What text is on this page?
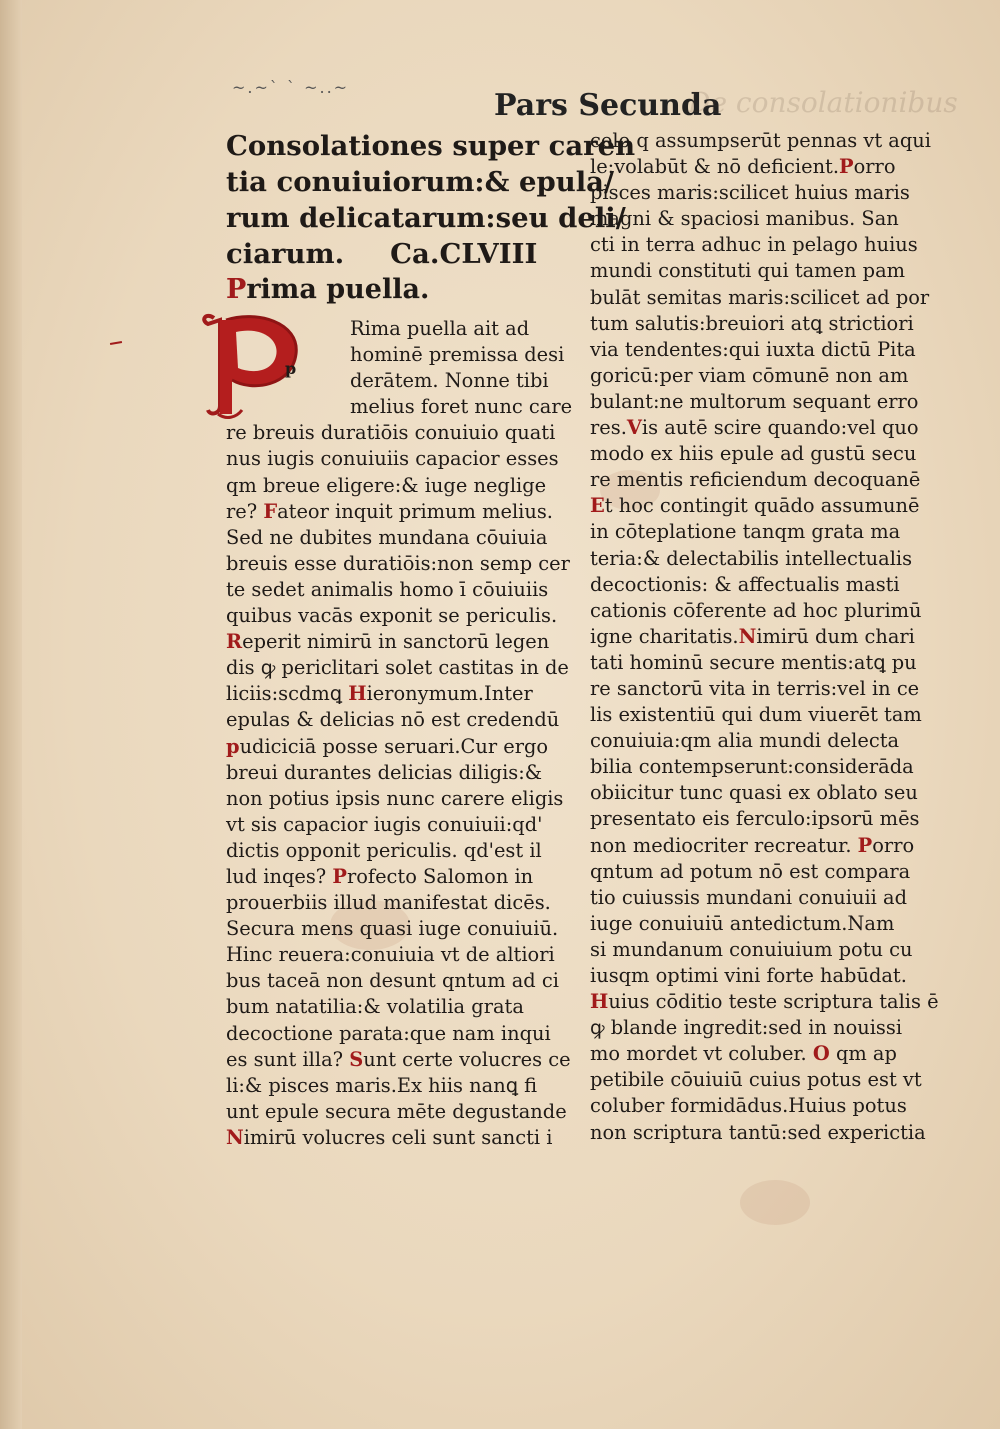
~.~` ` ~..~
Pars Secunda
De consolationibus
Consolationes super caren
tia conuiuiorum:& epula/
rum delicatarum:seu deli/
ciarum. Ca.CLVIII
Prima puella.
Rima puella ait ad
hominē premissa desi
derātem. Nonne tibi
melius foret nunc care
re breuis duratiōis conuiuio quati
nus iugis conuiuiis capacior esses
qm breue eligere:& iuge neglige
re? Fateor inquit primum melius.
Sed ne dubites mundana cōuiuia
breuis esse duratiōis:non semp cer
te sedet animalis homo ī cōuiuiis
quibus vacās exponit se periculis.
Reperit nimirū in sanctorū legen
dis ꝙ periclitari solet castitas in de
liciis:scdmꝗ Hieronymum.Inter
epulas & delicias nō est credendū
pudiciciā posse seruari.Cur ergo
breui durantes delicias diligis:&
non potius ipsis nunc carere eligis
vt sis capacior iugis conuiuii:qd'
dictis opponit periculis. qd'est il
lud inqes? Profecto Salomon in
prouerbiis illud manifestat dicēs.
Secura mens quasi iuge conuiuiū.
Hinc reuera:conuiuia vt de altiori
bus taceā non desunt qntum ad ci
bum natatilia:& volatilia grata
decoctione parata:que nam inqui
es sunt illa? Sunt certe volucres ce
li:& pisces maris.Ex hiis nanꝗ fi
unt epule secura mēte degustande
Nimirū volucres celi sunt sancti i
p
celo q assumpserūt pennas vt aqui
le:volabūt & nō deficient.Porro
pisces maris:scilicet huius maris
magni & spaciosi manibus. San
cti in terra adhuc in pelago huius
mundi constituti qui tamen pam
bulāt semitas maris:scilicet ad por
tum salutis:breuiori atꝗ strictiori
via tendentes:qui iuxta dictū Pita
goricū:per viam cōmunē non am
bulant:ne multorum sequant erro
res.Vis autē scire quando:vel quo
modo ex hiis epule ad gustū secu
re mentis reficiendum decoquanē
Et hoc contingit quādo assumunē
in cōteplatione tanqm grata ma
teria:& delectabilis intellectualis
decoctionis: & affectualis masti
cationis cōferente ad hoc plurimū
igne charitatis.Nimirū dum chari
tati hominū secure mentis:atꝗ pu
re sanctorū vita in terris:vel in ce
lis existentiū qui dum viuerēt tam
conuiuia:qm alia mundi delecta
bilia contempserunt:considerāda
obiicitur tunc quasi ex oblato seu
presentato eis ferculo:ipsorū mēs
non mediocriter recreatur. Porro
qntum ad potum nō est compara
tio cuiussis mundani conuiuii ad
iuge conuiuiū antedictum.Nam
si mundanum conuiuium potu cu
iusqm optimi vini forte habūdat.
Huius cōditio teste scriptura talis ē
ꝙ blande ingredit:sed in nouissi
mo mordet vt coluber. O qm ap
petibile cōuiuiū cuius potus est vt
coluber formidādus.Huius potus
non scriptura tantū:sed experictia
